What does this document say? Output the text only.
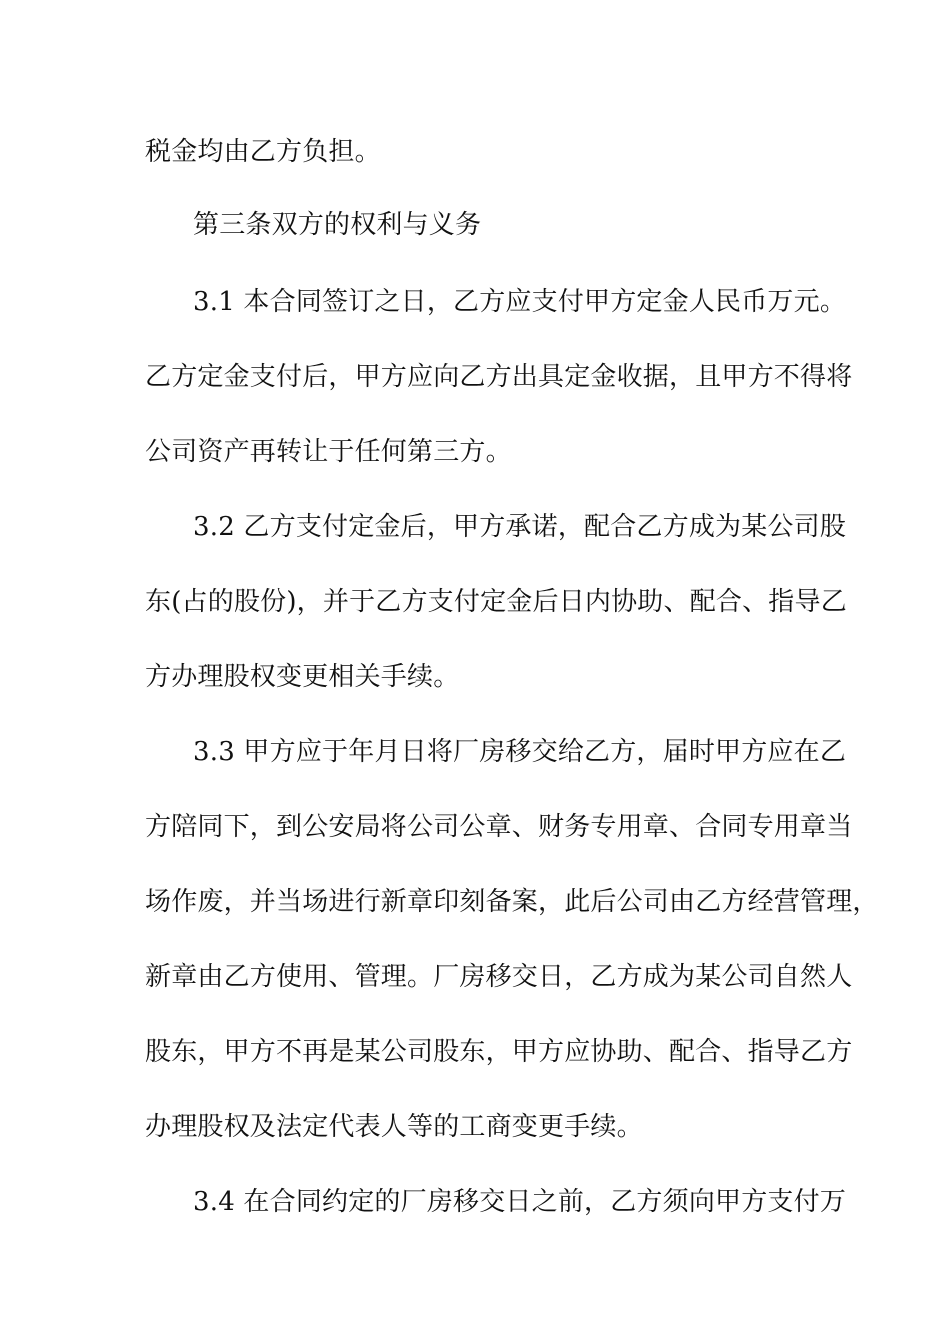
税金均由乙方负担。
第三条双方的权利与义务
3.1 本合同签订之日，乙方应支付甲方定金人民币万元。
乙方定金支付后，甲方应向乙方出具定金收据，且甲方不得将
公司资产再转让于任何第三方。
3.2 乙方支付定金后，甲方承诺，配合乙方成为某公司股
东(占的股份)，并于乙方支付定金后日内协助、配合、指导乙
方办理股权变更相关手续。
3.3 甲方应于年月日将厂房移交给乙方，届时甲方应在乙
方陪同下，到公安局将公司公章、财务专用章、合同专用章当
场作废，并当场进行新章印刻备案，此后公司由乙方经营管理，
新章由乙方使用、管理。厂房移交日，乙方成为某公司自然人
股东，甲方不再是某公司股东，甲方应协助、配合、指导乙方
办理股权及法定代表人等的工商变更手续。
3.4 在合同约定的厂房移交日之前，乙方须向甲方支付万
